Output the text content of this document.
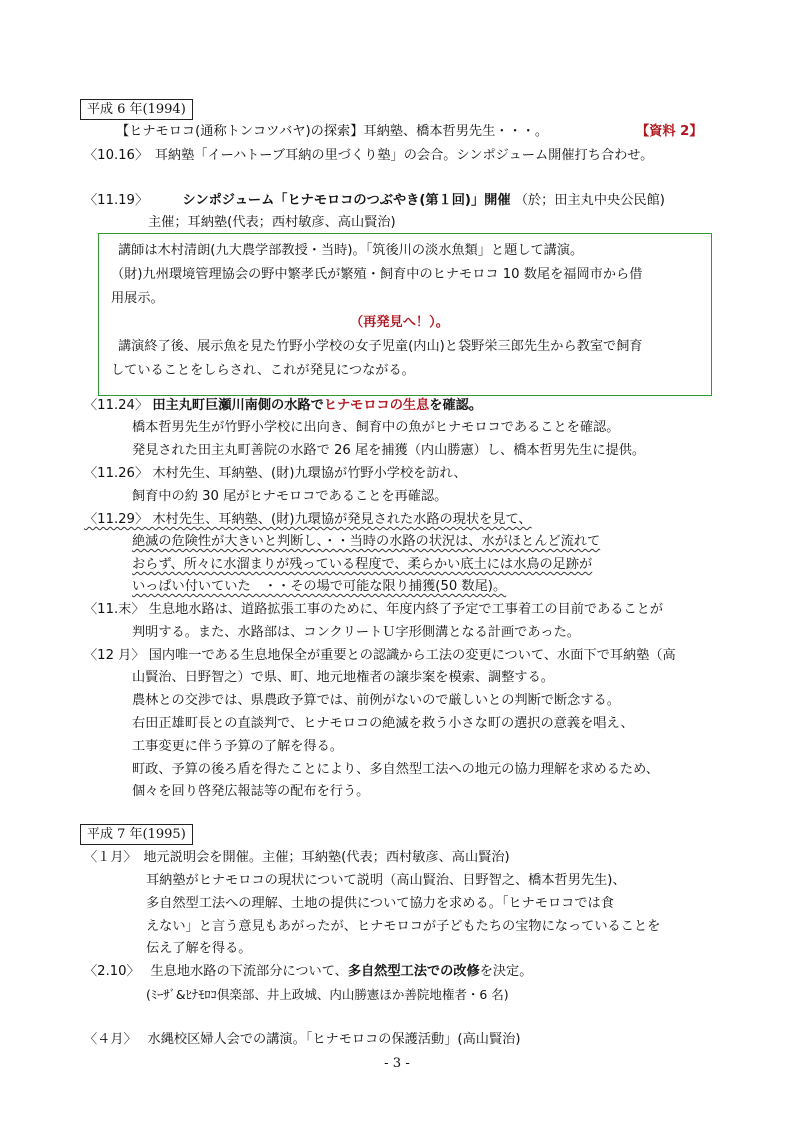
平成 6 年(1994)
【ヒナモロコ(通称トンコツバヤ)の探索】耳納塾、橋本哲男先生・・・。	【資料 2】
〈10.16〉　耳納塾「イーハトーブ耳納の里づくり塾」の会合。シンポジューム開催打ち合わせ。
〈11.19〉	シンポジューム「ヒナモロコのつぶやき(第１回)」開催 （於；田主丸中央公民館)
主催；耳納塾(代表；西村敏彦、高山賢治)
講師は木村清朗(九大農学部教授・当時)。「筑後川の淡水魚類」と題して講演。
（財)九州環境管理協会の野中繁孝氏が繁殖・飼育中のヒナモロコ 10 数尾を福岡市から借
用展示。
（再発見へ！）。
講演終了後、展示魚を見た竹野小学校の女子児童(内山)と袋野栄三郎先生から教室で飼育
していることをしらされ、これが発見につながる。
〈11.24〉 田主丸町巨瀬川南側の水路でヒナモロコの生息を確認。
橋本哲男先生が竹野小学校に出向き、飼育中の魚がヒナモロコであることを確認。
発見された田主丸町善院の水路で 26 尾を捕獲（内山勝憲）し、橋本哲男先生に提供。
〈11.26〉 木村先生、耳納塾、(財)九環協が竹野小学校を訪れ、
飼育中の約 30 尾がヒナモロコであることを再確認。
〈11.29〉 木村先生、耳納塾、(財)九環協が発見された水路の現状を見て、
絶滅の危険性が大きいと判断し、・・当時の水路の状況は、水がほとんど流れて
おらず、所々に水溜まりが残っている程度で、柔らかい底土には水鳥の足跡が
いっぱい付いていた　・・その場で可能な限り捕獲(50 数尾)。
〈11.末〉 生息地水路は、道路拡張工事のために、年度内終了予定で工事着工の目前であることが
判明する。また、水路部は、コンクリートＵ字形側溝となる計画であった。
〈12 月〉 国内唯一である生息地保全が重要との認識から工法の変更について、水面下で耳納塾（高
山賢治、日野智之）で県、町、地元地権者の譲歩案を模索、調整する。
農林との交渉では、県農政予算では、前例がないので厳しいとの判断で断念する。
右田正雄町長との直談判で、ヒナモロコの絶滅を救う小さな町の選択の意義を唱え、
工事変更に伴う予算の了解を得る。
町政、予算の後ろ盾を得たことにより、多自然型工法への地元の協力理解を求めるため、
個々を回り啓発広報誌等の配布を行う。
平成 7 年(1995)
〈１月〉　地元説明会を開催。主催；耳納塾(代表；西村敏彦、高山賢治)
耳納塾がヒナモロコの現状について説明（高山賢治、日野智之、橋本哲男先生)、
多自然型工法への理解、土地の提供について協力を求める。「ヒナモロコでは食
えない」と言う意見もあがったが、ヒナモロコが子どもたちの宝物になっていることを
伝え了解を得る。
〈2.10〉　 生息地水路の下流部分について、多自然型工法での改修を決定。
(ﾐｰｻﾞ&ﾋﾅﾓﾛｺ倶楽部、井上政城、内山勝憲ほか善院地権者・6 名)
〈４月〉　 水縄校区婦人会での講演。「ヒナモロコの保護活動」(高山賢治)
- 3 -
